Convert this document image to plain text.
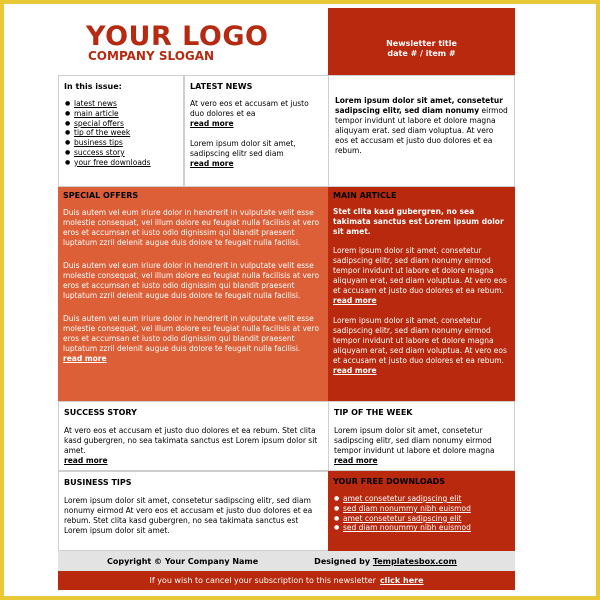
YOUR LOGO
COMPANY SLOGAN
Newsletter title
date # / item #
In this issue:
● latest news
● main article
● special offers
● tip of the week
● business tips
● success story
● your free downloads
LATEST NEWS
At vero eos et accusam et justo duo dolores et ea
read more
Lorem ipsum dolor sit amet, sadipscing elitr sed diam
read more
Lorem ipsum dolor sit amet, consetetur sadipscing elitr, sed diam nonumy eirmod tempor invidunt ut labore et dolore magna aliquyam erat. sed diam voluptua. At vero eos et accusam et justo duo dolores et ea rebum.
SPECIAL OFFERS
Duis autem vel eum iriure dolor in hendrerit in vulputate velit esse molestie consequat, vel illum dolore eu feugiat nulla facilisis at vero eros et accumsan et iusto odio dignissim qui blandit praesent luptatum zzril delenit augue duis dolore te feugait nulla facilisi.
Duis autem vel eum iriure dolor in hendrerit in vulputate velit esse molestie consequat, vel illum dolore eu feugiat nulla facilisis at vero eros et accumsan et iusto odio dignissim qui blandit praesent luptatum zzril delenit augue duis dolore te feugait nulla facilisi.
Duis autem vel eum iriure dolor in hendrerit in vulputate velit esse molestie consequat, vel illum dolore eu feugiat nulla facilisis at vero eros et accumsan et iusto odio dignissim qui blandit praesent luptatum zzril delenit augue duis dolore te feugait nulla facilisi.
read more
MAIN ARTICLE
Stet clita kasd gubergren, no sea takimata sanctus est Lorem ipsum dolor sit amet.
Lorem ipsum dolor sit amet, consetetur sadipscing elitr, sed diam nonumy eirmod tempor invidunt ut labore et dolore magna aliquyam erat, sed diam voluptua. At vero eos et accusam et justo duo dolores et ea rebum.
read more
Lorem ipsum dolor sit amet, consetetur sadipscing elitr, sed diam nonumy eirmod tempor invidunt ut labore et dolore magna aliquyam erat, sed diam voluptua. At vero eos et accusam et justo duo dolores et ea rebum.
read more
SUCCESS STORY
At vero eos et accusam et justo duo dolores et ea rebum. Stet clita kasd gubergren, no sea takimata sanctus est Lorem ipsum dolor sit amet.
read more
TIP OF THE WEEK
Lorem ipsum dolor sit amet, consetetur sadipscing elitr, sed diam nonumy eirmod tempor invidunt ut labore et dolore magna read more
BUSINESS TIPS
Lorem ipsum dolor sit amet, consetetur sadipscing elitr, sed diam nonumy eirmod At vero eos et accusam et justo duo dolores et ea rebum. Stet clita kasd gubergren, no sea takimata sanctus est Lorem ipsum dolor sit amet.
YOUR FREE DOWNLOADS
● amet consetetur sadipscing elit
● sed diam nonummy nibh euismod
● amet consetetur sadipscing elit
● sed diam nonummy nibh euismod
Copyright © Your Company Name	Designed by Templatesbox.com
If you wish to cancel your subscription to this newsletter click here
